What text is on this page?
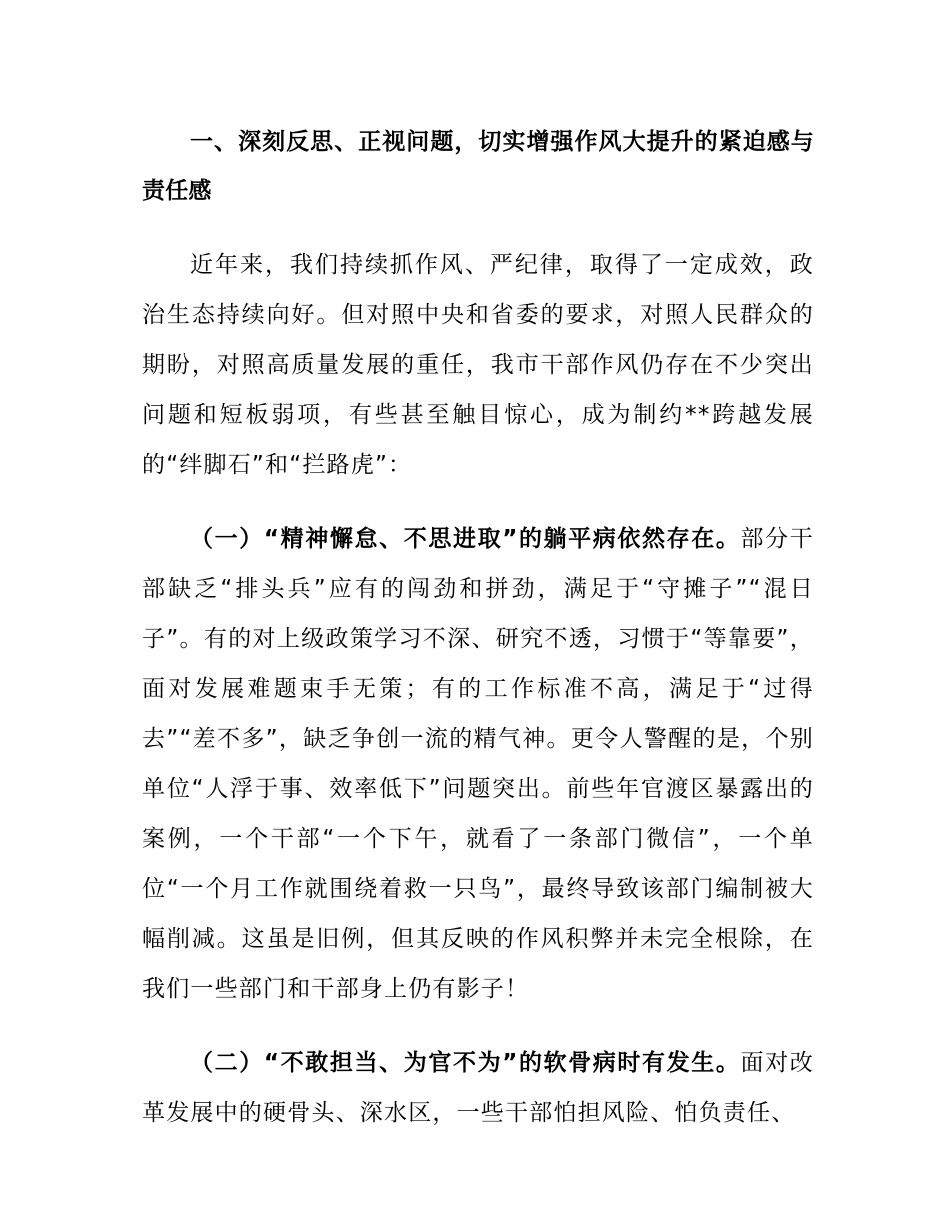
一、深刻反思、正视问题，切实增强作风大提升的紧迫感与责任感

近年来，我们持续抓作风、严纪律，取得了一定成效，政治生态持续向好。但对照中央和省委的要求，对照人民群众的期盼，对照高质量发展的重任，我市干部作风仍存在不少突出问题和短板弱项，有些甚至触目惊心，成为制约**跨越发展的“绊脚石”和“拦路虎”：

（一）“精神懈怠、不思进取”的躺平病依然存在。部分干部缺乏“排头兵”应有的闯劲和拼劲，满足于“守摊子”“混日子”。有的对上级政策学习不深、研究不透，习惯于“等靠要”，面对发展难题束手无策；有的工作标准不高，满足于“过得去”“差不多”，缺乏争创一流的精气神。更令人警醒的是，个别单位“人浮于事、效率低下”问题突出。前些年官渡区暴露出的案例，一个干部“一个下午，就看了一条部门微信”，一个单位“一个月工作就围绕着救一只鸟”，最终导致该部门编制被大幅削减。这虽是旧例，但其反映的作风积弊并未完全根除，在我们一些部门和干部身上仍有影子！

（二）“不敢担当、为官不为”的软骨病时有发生。面对改革发展中的硬骨头、深水区，一些干部怕担风险、怕负责任、
